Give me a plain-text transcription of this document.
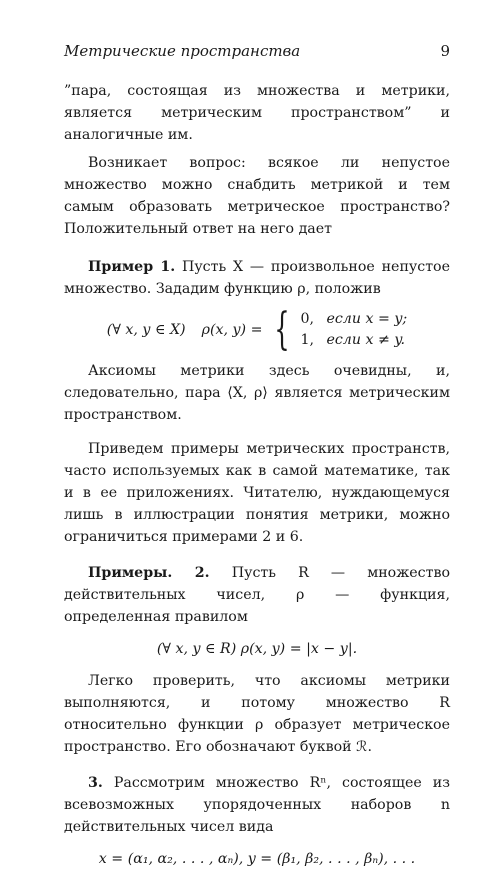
Метрические пространства	9

”пара, состоящая из множества и метрики, является метрическим пространством” и аналогичные им.

Возникает вопрос: всякое ли непустое множество можно снабдить метрикой и тем самым образовать метрическое пространство? Положительный ответ на него дает

Пример 1. Пусть X — произвольное непустое множество. Зададим функцию ρ, положив

(∀ x, y ∈ X) ρ(x, y) = { 0, если x = y;
1, если x ≠ y.

Аксиомы метрики здесь очевидны, и, следовательно, пара ⟨X, ρ⟩ является метрическим пространством.

Приведем примеры метрических пространств, часто используемых как в самой математике, так и в ее приложениях. Читателю, нуждающемуся лишь в иллюстрации понятия метрики, можно ограничиться примерами 2 и 6.

Примеры. 2. Пусть R — множество действительных чисел, ρ — функция, определенная правилом

(∀ x, y ∈ R) ρ(x, y) = |x − y|.

Легко проверить, что аксиомы метрики выполняются, и потому множество R относительно функции ρ образует метрическое пространство. Его обозначают буквой ℛ.

3. Рассмотрим множество Rⁿ, состоящее из всевозможных упорядоченных наборов n действительных чисел вида

x = (α₁, α₂, . . . , αₙ), y = (β₁, β₂, . . . , βₙ), . . .
